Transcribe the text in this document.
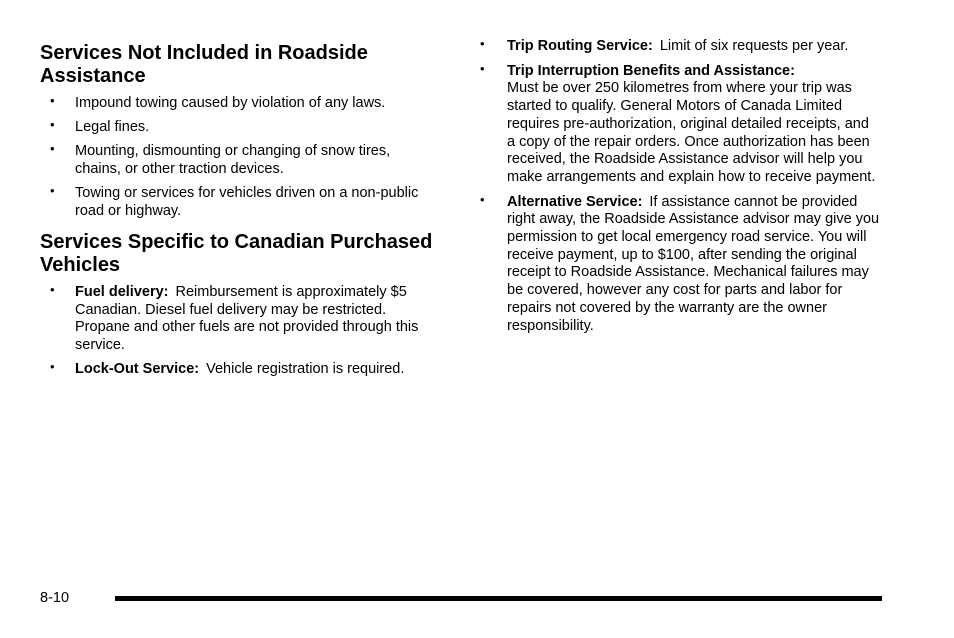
Services Not Included in Roadside Assistance
• Impound towing caused by violation of any laws.
• Legal fines.
• Mounting, dismounting or changing of snow tires, chains, or other traction devices.
• Towing or services for vehicles driven on a non-public road or highway.
Services Specific to Canadian Purchased Vehicles
• Fuel delivery: Reimbursement is approximately $5 Canadian. Diesel fuel delivery may be restricted. Propane and other fuels are not provided through this service.
• Lock-Out Service: Vehicle registration is required.
• Trip Routing Service: Limit of six requests per year.
• Trip Interruption Benefits and Assistance:
Must be over 250 kilometres from where your trip was started to qualify. General Motors of Canada Limited requires pre-authorization, original detailed receipts, and a copy of the repair orders. Once authorization has been received, the Roadside Assistance advisor will help you make arrangements and explain how to receive payment.
• Alternative Service: If assistance cannot be provided right away, the Roadside Assistance advisor may give you permission to get local emergency road service. You will receive payment, up to $100, after sending the original receipt to Roadside Assistance. Mechanical failures may be covered, however any cost for parts and labor for repairs not covered by the warranty are the owner responsibility.
8-10
